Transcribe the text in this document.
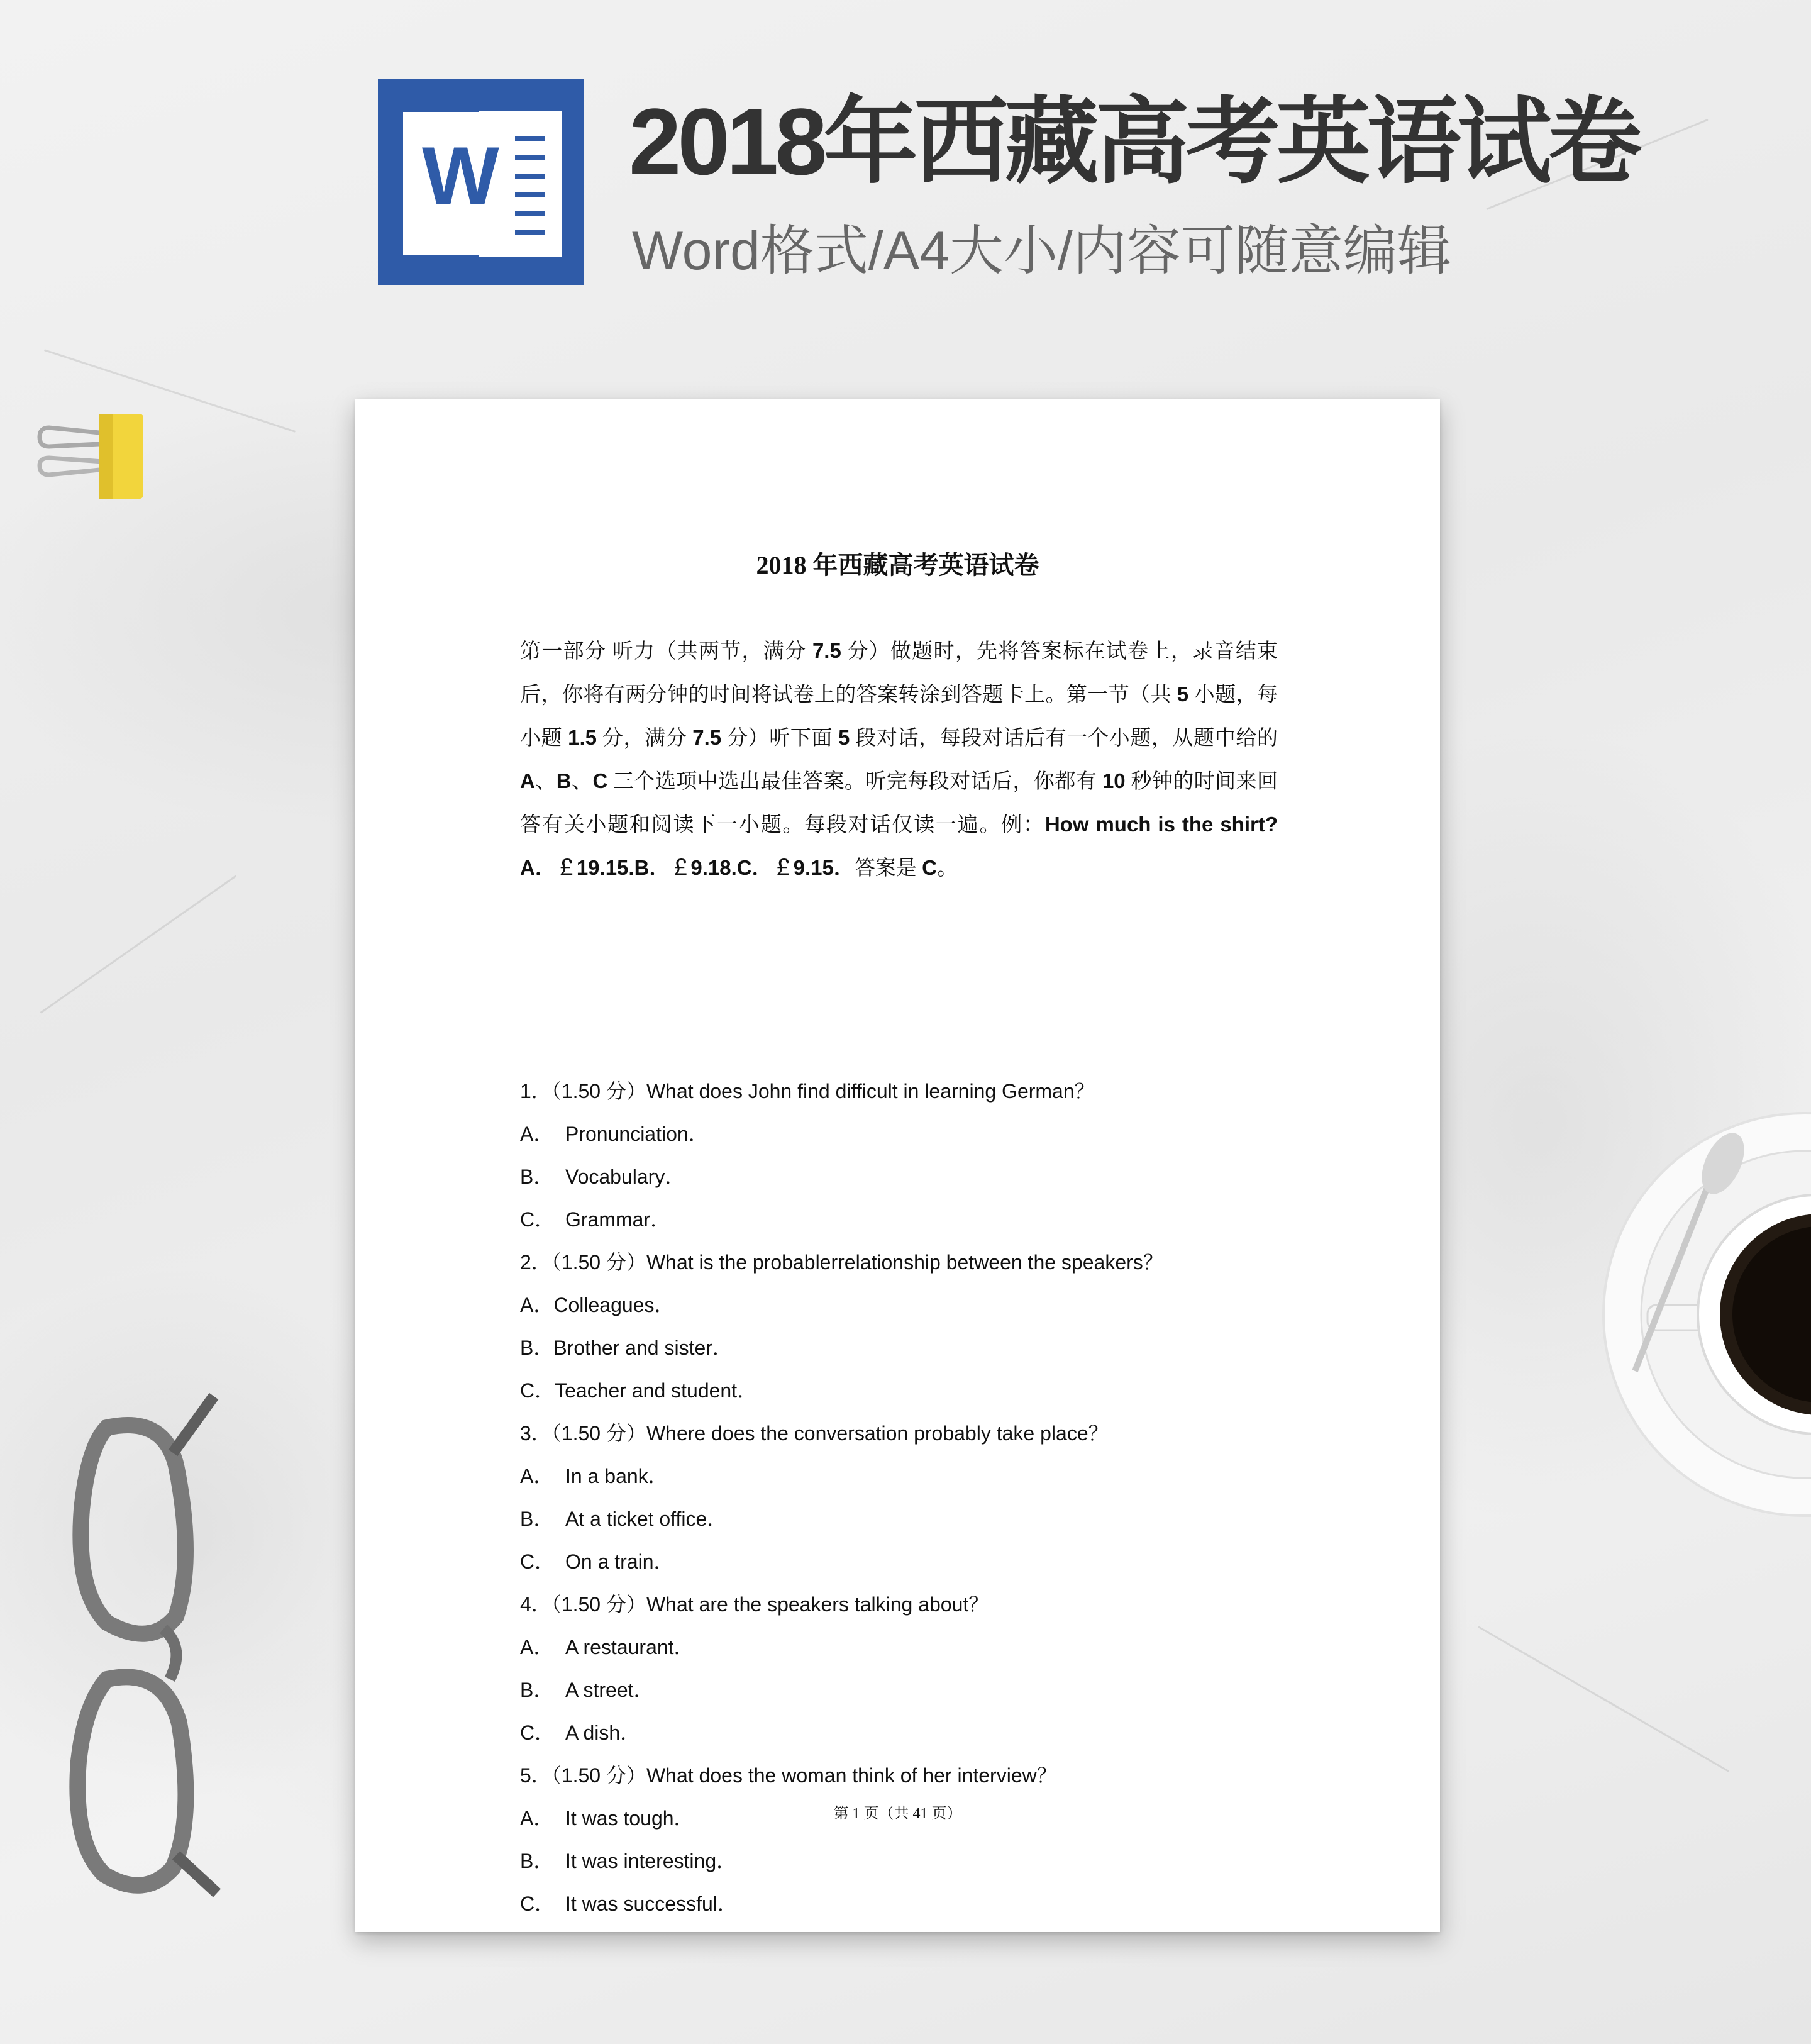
W 2018年西藏高考英语试卷
Word格式/A4大小/内容可随意编辑
2018 年西藏高考英语试卷
第一部分 听力（共两节，满分 7.5 分）做题时，先将答案标在试卷上，录音结束后，你将有两分钟的时间将试卷上的答案转涂到答题卡上。第一节（共 5 小题，每小题 1.5 分，满分 7.5 分）听下面 5 段对话，每段对话后有一个小题，从题中给的 A、B、C 三个选项中选出最佳答案。听完每段对话后，你都有 10 秒钟的时间来回答有关小题和阅读下一小题。每段对话仅读一遍。例：How much is the shirt?A．￡19.15.B．￡9.18.C．￡9.15．答案是 C。
1．（1.50 分）What does John find difficult in learning German？
A． Pronunciation．
B． Vocabulary．
C． Grammar．
2．（1.50 分）What is the probablerrelationship between the speakers？
A．Colleagues．
B．Brother and sister．
C．Teacher and student．
3．（1.50 分）Where does the conversation probably take place？
A． In a bank．
B． At a ticket office．
C． On a train．
4．（1.50 分）What are the speakers talking about？
A． A restaurant．
B． A street．
C． A dish．
5．（1.50 分）What does the woman think of her interview？
A． It was tough．
B． It was interesting．
C． It was successful．
第 1 页（共 41 页）
